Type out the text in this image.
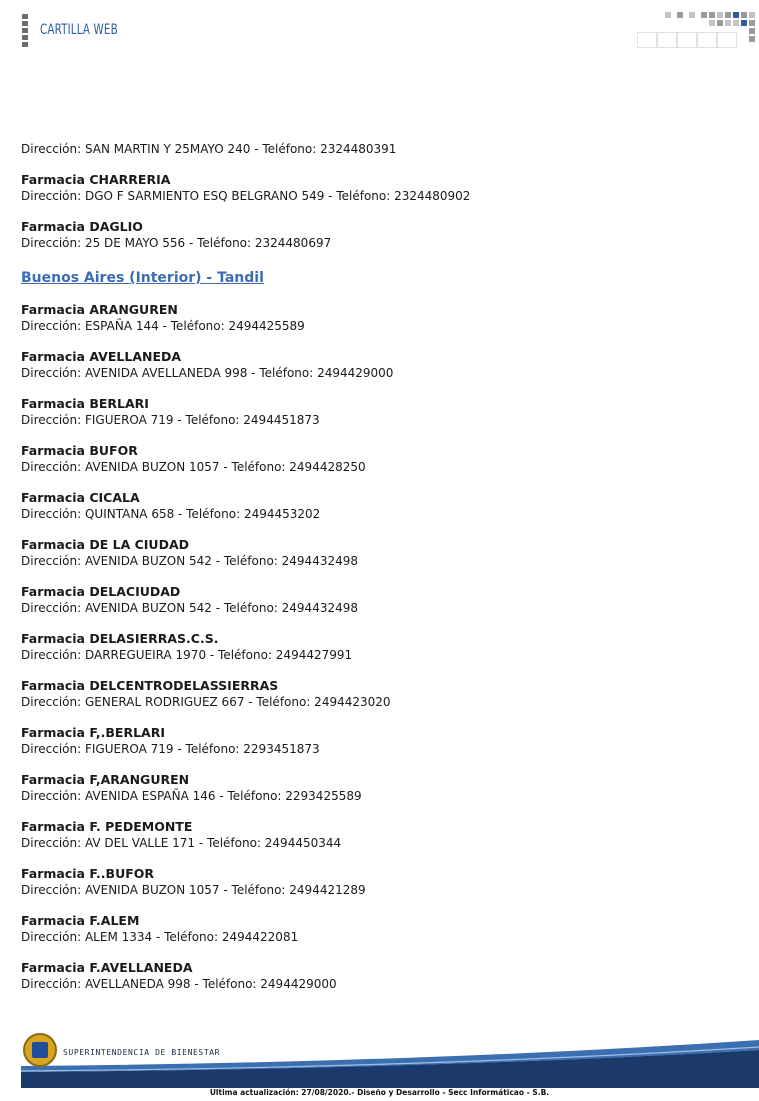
CARTILLA WEB
Dirección: SAN MARTIN Y 25MAYO 240 - Teléfono: 2324480391
Farmacia CHARRERIA
Dirección: DGO F SARMIENTO ESQ BELGRANO 549 - Teléfono: 2324480902
Farmacia DAGLIO
Dirección: 25 DE MAYO 556 - Teléfono: 2324480697
Buenos Aires (Interior) - Tandil
Farmacia ARANGUREN
Dirección: ESPAÑA 144 - Teléfono: 2494425589
Farmacia AVELLANEDA
Dirección: AVENIDA AVELLANEDA 998 - Teléfono: 2494429000
Farmacia BERLARI
Dirección: FIGUEROA 719 - Teléfono: 2494451873
Farmacia BUFOR
Dirección: AVENIDA BUZON 1057 - Teléfono: 2494428250
Farmacia CICALA
Dirección: QUINTANA 658 - Teléfono: 2494453202
Farmacia DE LA CIUDAD
Dirección: AVENIDA BUZON 542 - Teléfono: 2494432498
Farmacia DELACIUDAD
Dirección: AVENIDA BUZON 542 - Teléfono: 2494432498
Farmacia DELASIERRAS.C.S.
Dirección: DARREGUEIRA 1970 - Teléfono: 2494427991
Farmacia DELCENTRODELASSIERRAS
Dirección: GENERAL RODRIGUEZ 667 - Teléfono: 2494423020
Farmacia F,.BERLARI
Dirección: FIGUEROA 719 - Teléfono: 2293451873
Farmacia F,ARANGUREN
Dirección: AVENIDA ESPAÑA 146 - Teléfono: 2293425589
Farmacia F. PEDEMONTE
Dirección: AV DEL VALLE 171 - Teléfono: 2494450344
Farmacia F..BUFOR
Dirección: AVENIDA BUZON 1057 - Teléfono: 2494421289
Farmacia F.ALEM
Dirección: ALEM 1334 - Teléfono: 2494422081
Farmacia F.AVELLANEDA
Dirección: AVELLANEDA 998 - Teléfono: 2494429000
SUPERINTENDENCIA DE BIENESTAR
Ultima actualización: 27/08/2020.- Diseño y Desarrollo - Secc Informáticao - S.B.
